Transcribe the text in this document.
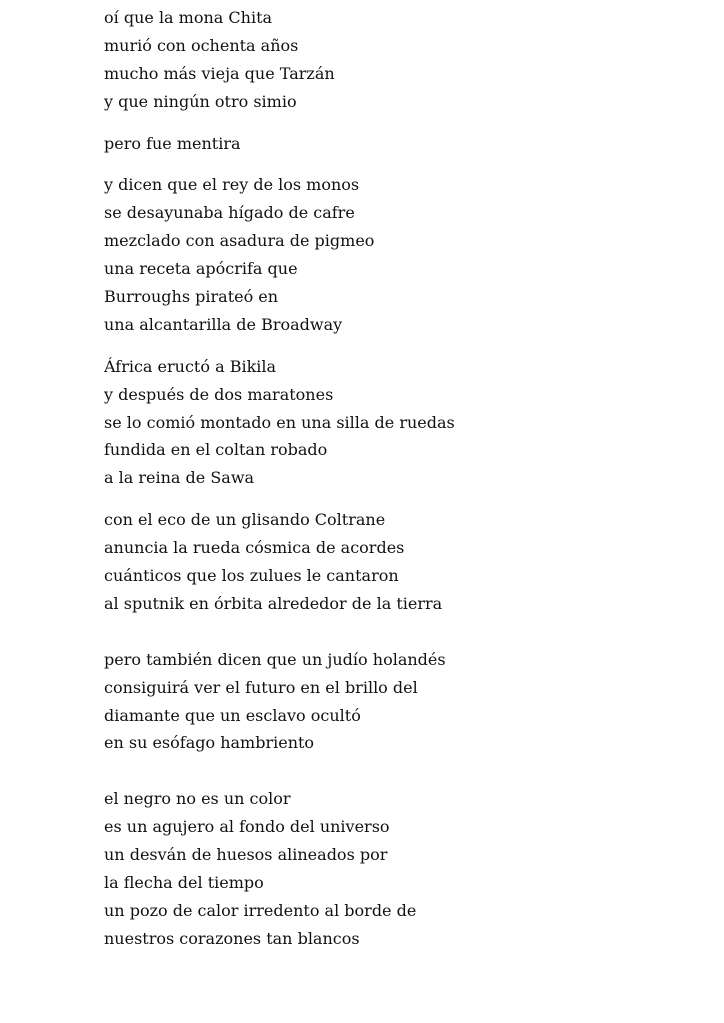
oí que la mona Chita
murió con ochenta años
mucho más vieja que Tarzán
y que ningún otro simio
pero fue mentira
y dicen que el rey de los monos
se desayunaba hígado de cafre
mezclado con asadura de pigmeo
una receta apócrifa que
Burroughs pirateó en
una alcantarilla de Broadway
África eructó a Bikila
y después de dos maratones
se lo comió montado en una silla de ruedas
fundida en el coltan robado
a la reina de Sawa
con el eco de un glisando Coltrane
anuncia la rueda cósmica de acordes
cuánticos que los zulues le cantaron
al sputnik en órbita alrededor de la tierra
pero también dicen que un judío holandés
consiguirá ver el futuro en el brillo del
diamante que un esclavo ocultó
en su esófago hambriento
el negro no es un color
es un agujero al fondo del universo
un desván de huesos alineados por
la flecha del tiempo
un pozo de calor irredento al borde de
nuestros corazones tan blancos
